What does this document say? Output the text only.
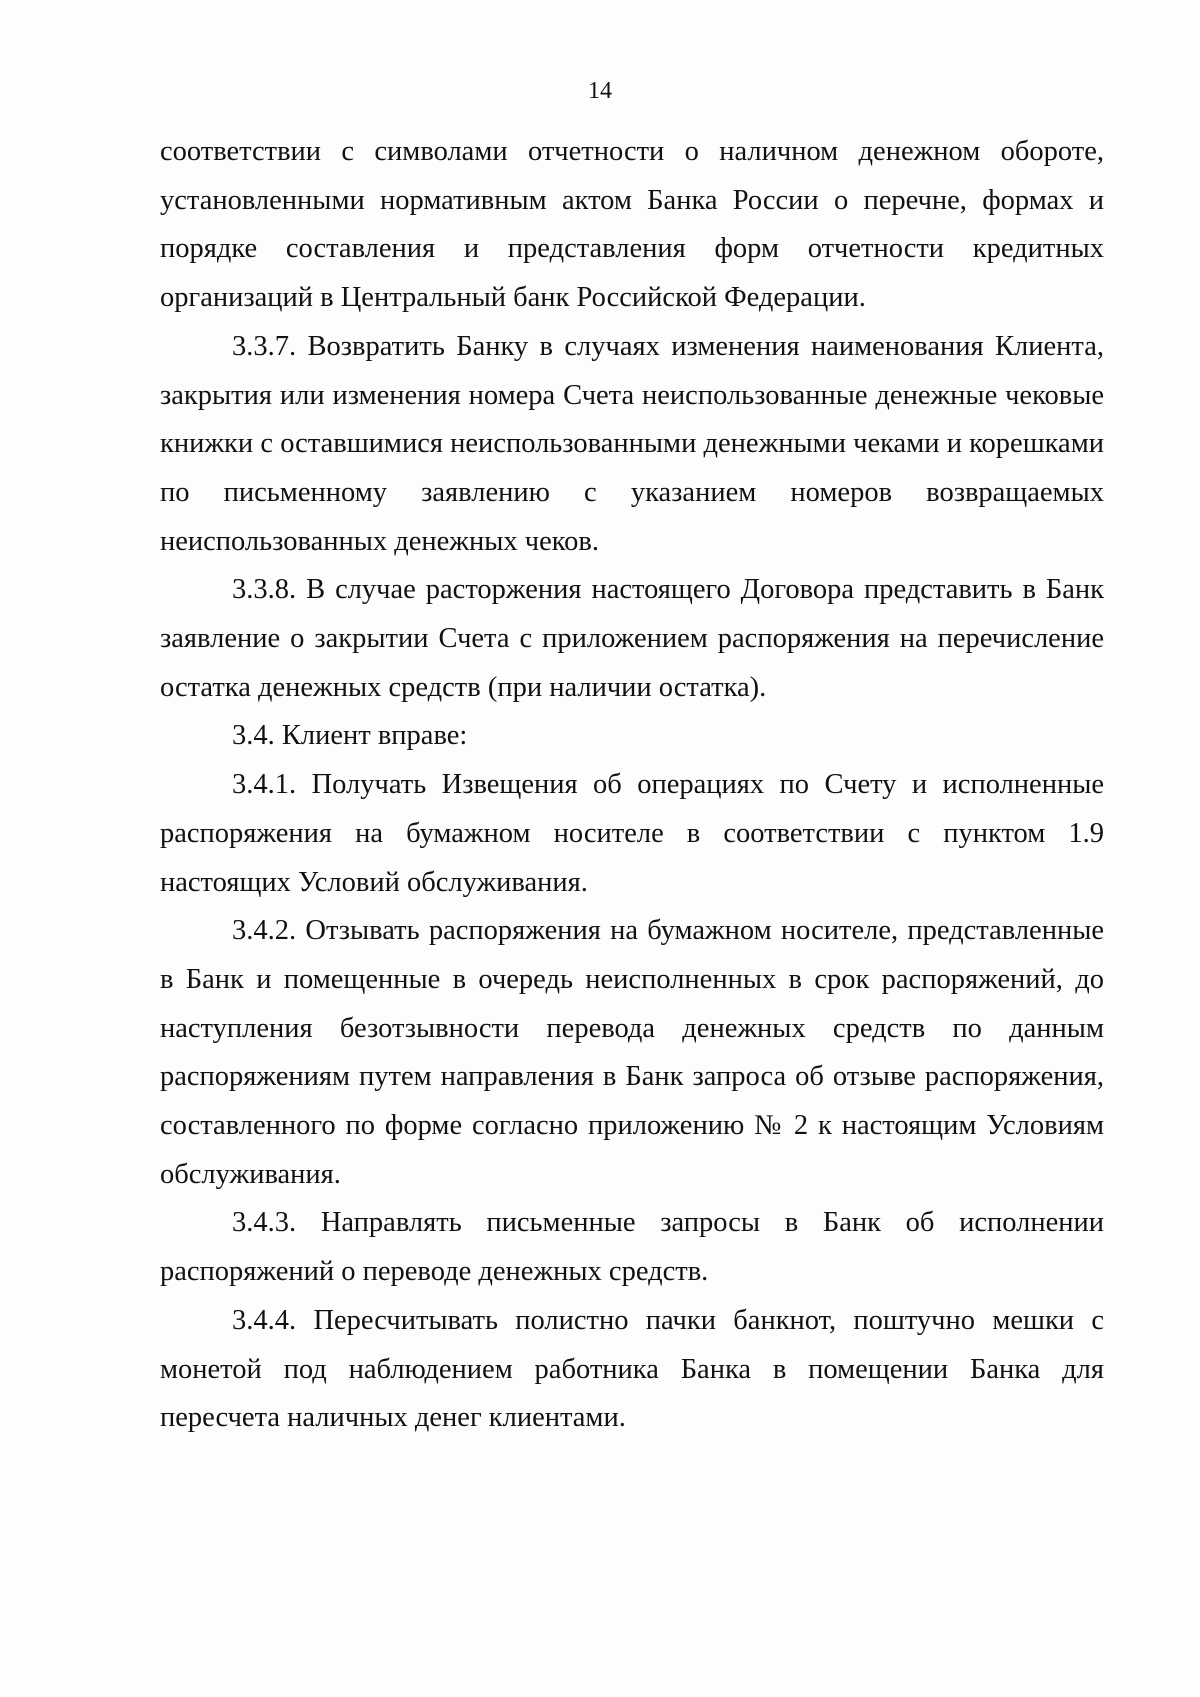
14

соответствии с символами отчетности о наличном денежном обороте, установленными нормативным актом Банка России о перечне, формах и порядке составления и представления форм отчетности кредитных организаций в Центральный банк Российской Федерации.

3.3.7. Возвратить Банку в случаях изменения наименования Клиента, закрытия или изменения номера Счета неиспользованные денежные чековые книжки с оставшимися неиспользованными денежными чеками и корешками по письменному заявлению с указанием номеров возвращаемых неиспользованных денежных чеков.

3.3.8. В случае расторжения настоящего Договора представить в Банк заявление о закрытии Счета с приложением распоряжения на перечисление остатка денежных средств (при наличии остатка).

3.4. Клиент вправе:

3.4.1. Получать Извещения об операциях по Счету и исполненные распоряжения на бумажном носителе в соответствии с пунктом 1.9 настоящих Условий обслуживания.

3.4.2. Отзывать распоряжения на бумажном носителе, представленные в Банк и помещенные в очередь неисполненных в срок распоряжений, до наступления безотзывности перевода денежных средств по данным распоряжениям путем направления в Банк запроса об отзыве распоряжения, составленного по форме согласно приложению № 2 к настоящим Условиям обслуживания.

3.4.3. Направлять письменные запросы в Банк об исполнении распоряжений о переводе денежных средств.

3.4.4. Пересчитывать полистно пачки банкнот, поштучно мешки с монетой под наблюдением работника Банка в помещении Банка для пересчета наличных денег клиентами.
